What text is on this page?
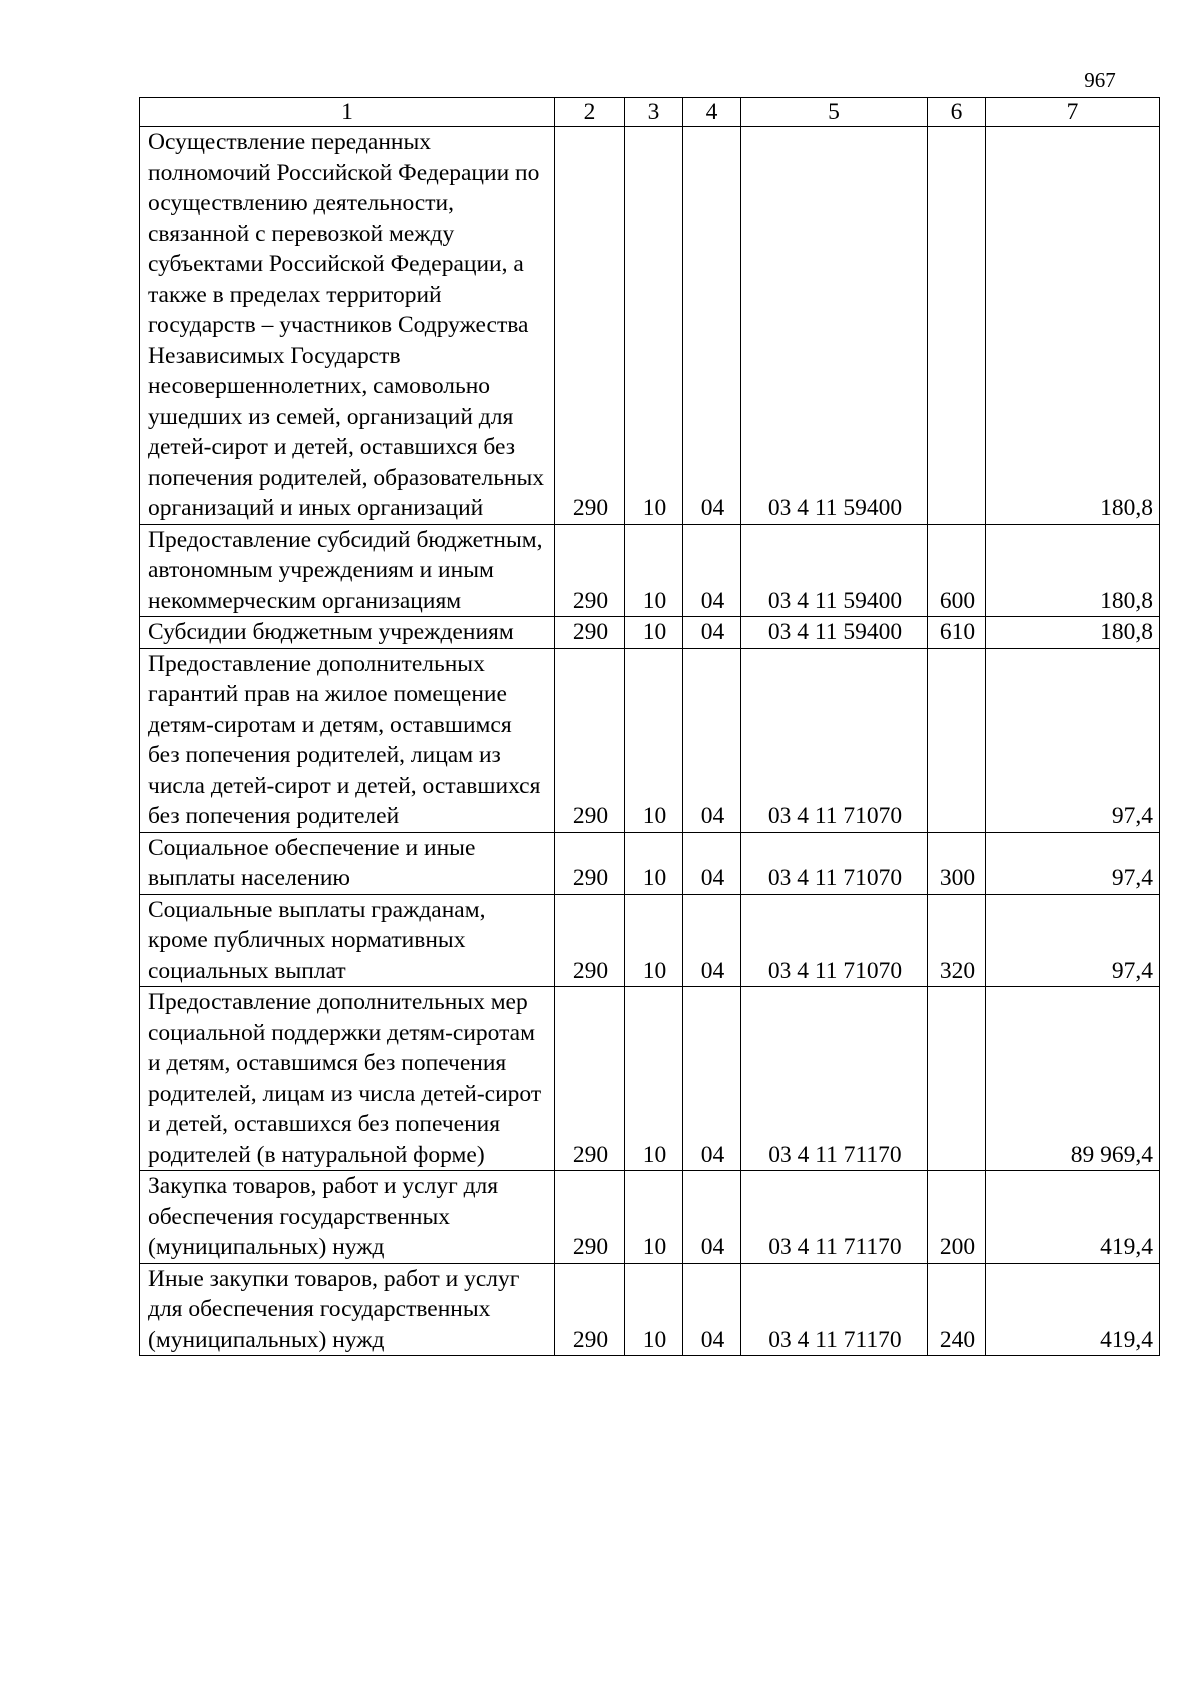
967
1	2	3	4	5	6	7
Осуществление переданных полномочий Российской Федерации по осуществлению деятельности, связанной с перевозкой между субъектами Российской Федерации, а также в пределах территорий государств – участников Содружества Независимых Государств несовершеннолетних, самовольно ушедших из семей, организаций для детей-сирот и детей, оставшихся без попечения родителей, образовательных организаций и иных организаций	290	10	04	03 4 11 59400		180,8
Предоставление субсидий бюджетным, автономным учреждениям и иным некоммерческим организациям	290	10	04	03 4 11 59400	600	180,8
Субсидии бюджетным учреждениям	290	10	04	03 4 11 59400	610	180,8
Предоставление дополнительных гарантий прав на жилое помещение детям-сиротам и детям, оставшимся без попечения родителей, лицам из числа детей-сирот и детей, оставшихся без попечения родителей	290	10	04	03 4 11 71070		97,4
Социальное обеспечение и иные выплаты населению	290	10	04	03 4 11 71070	300	97,4
Социальные выплаты гражданам, кроме публичных нормативных социальных выплат	290	10	04	03 4 11 71070	320	97,4
Предоставление дополнительных мер социальной поддержки детям-сиротам и детям, оставшимся без попечения родителей, лицам из числа детей-сирот и детей, оставшихся без попечения родителей (в натуральной форме)	290	10	04	03 4 11 71170		89 969,4
Закупка товаров, работ и услуг для обеспечения государственных (муниципальных) нужд	290	10	04	03 4 11 71170	200	419,4
Иные закупки товаров, работ и услуг для обеспечения государственных (муниципальных) нужд	290	10	04	03 4 11 71170	240	419,4
